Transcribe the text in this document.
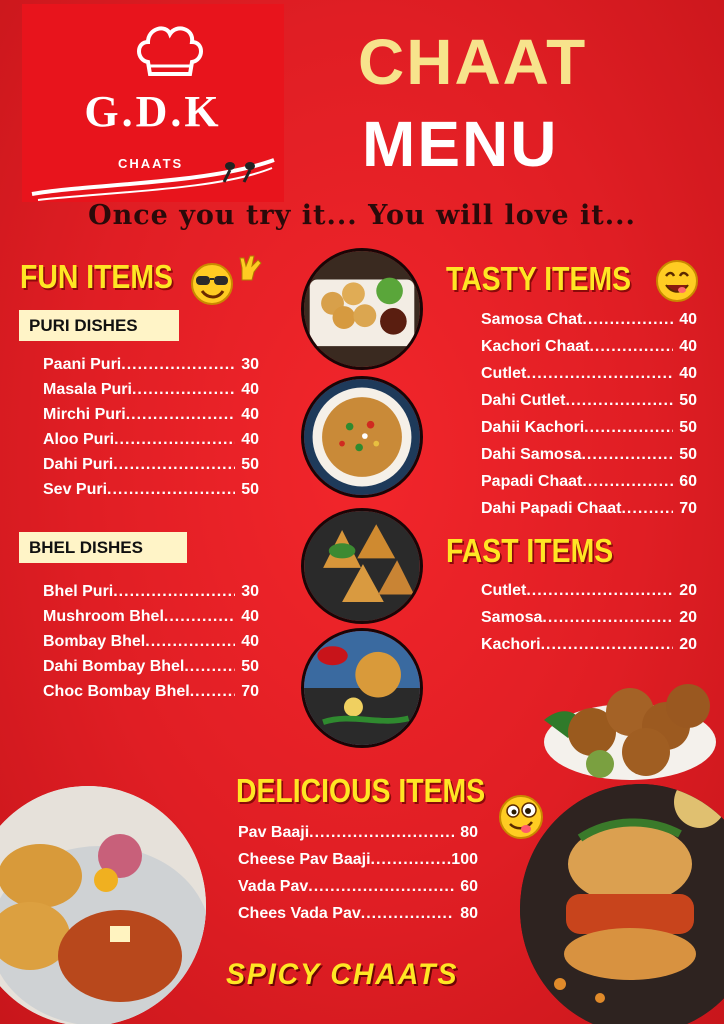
G.D.K
CHAATS
CHAAT
MENU
Once you try it... You will love it...
FUN ITEMS
PURI DISHES
Paani Puri .....	30
Masala Puri .....	40
Mirchi Puri .....	40
Aloo Puri .....	40
Dahi Puri .....	50
Sev Puri .....	50
BHEL DISHES
Bhel Puri .....	30
Mushroom Bhel .....	40
Bombay Bhel .....	40
Dahi Bombay Bhel .....	50
Choc Bombay Bhel .....	70
TASTY ITEMS
Samosa Chat .....	40
Kachori Chaat .....	40
Cutlet .....	40
Dahi Cutlet .....	50
Dahii Kachori .....	50
Dahi Samosa .....	50
Papadi Chaat .....	60
Dahi Papadi Chaat .....	70
FAST ITEMS
Cutlet .....	20
Samosa .....	20
Kachori .....	20
DELICIOUS ITEMS
Pav Baaji .....	80
Cheese Pav Baaji .....	100
Vada Pav .....	60
Chees Vada Pav .....	80
SPICY CHAATS
